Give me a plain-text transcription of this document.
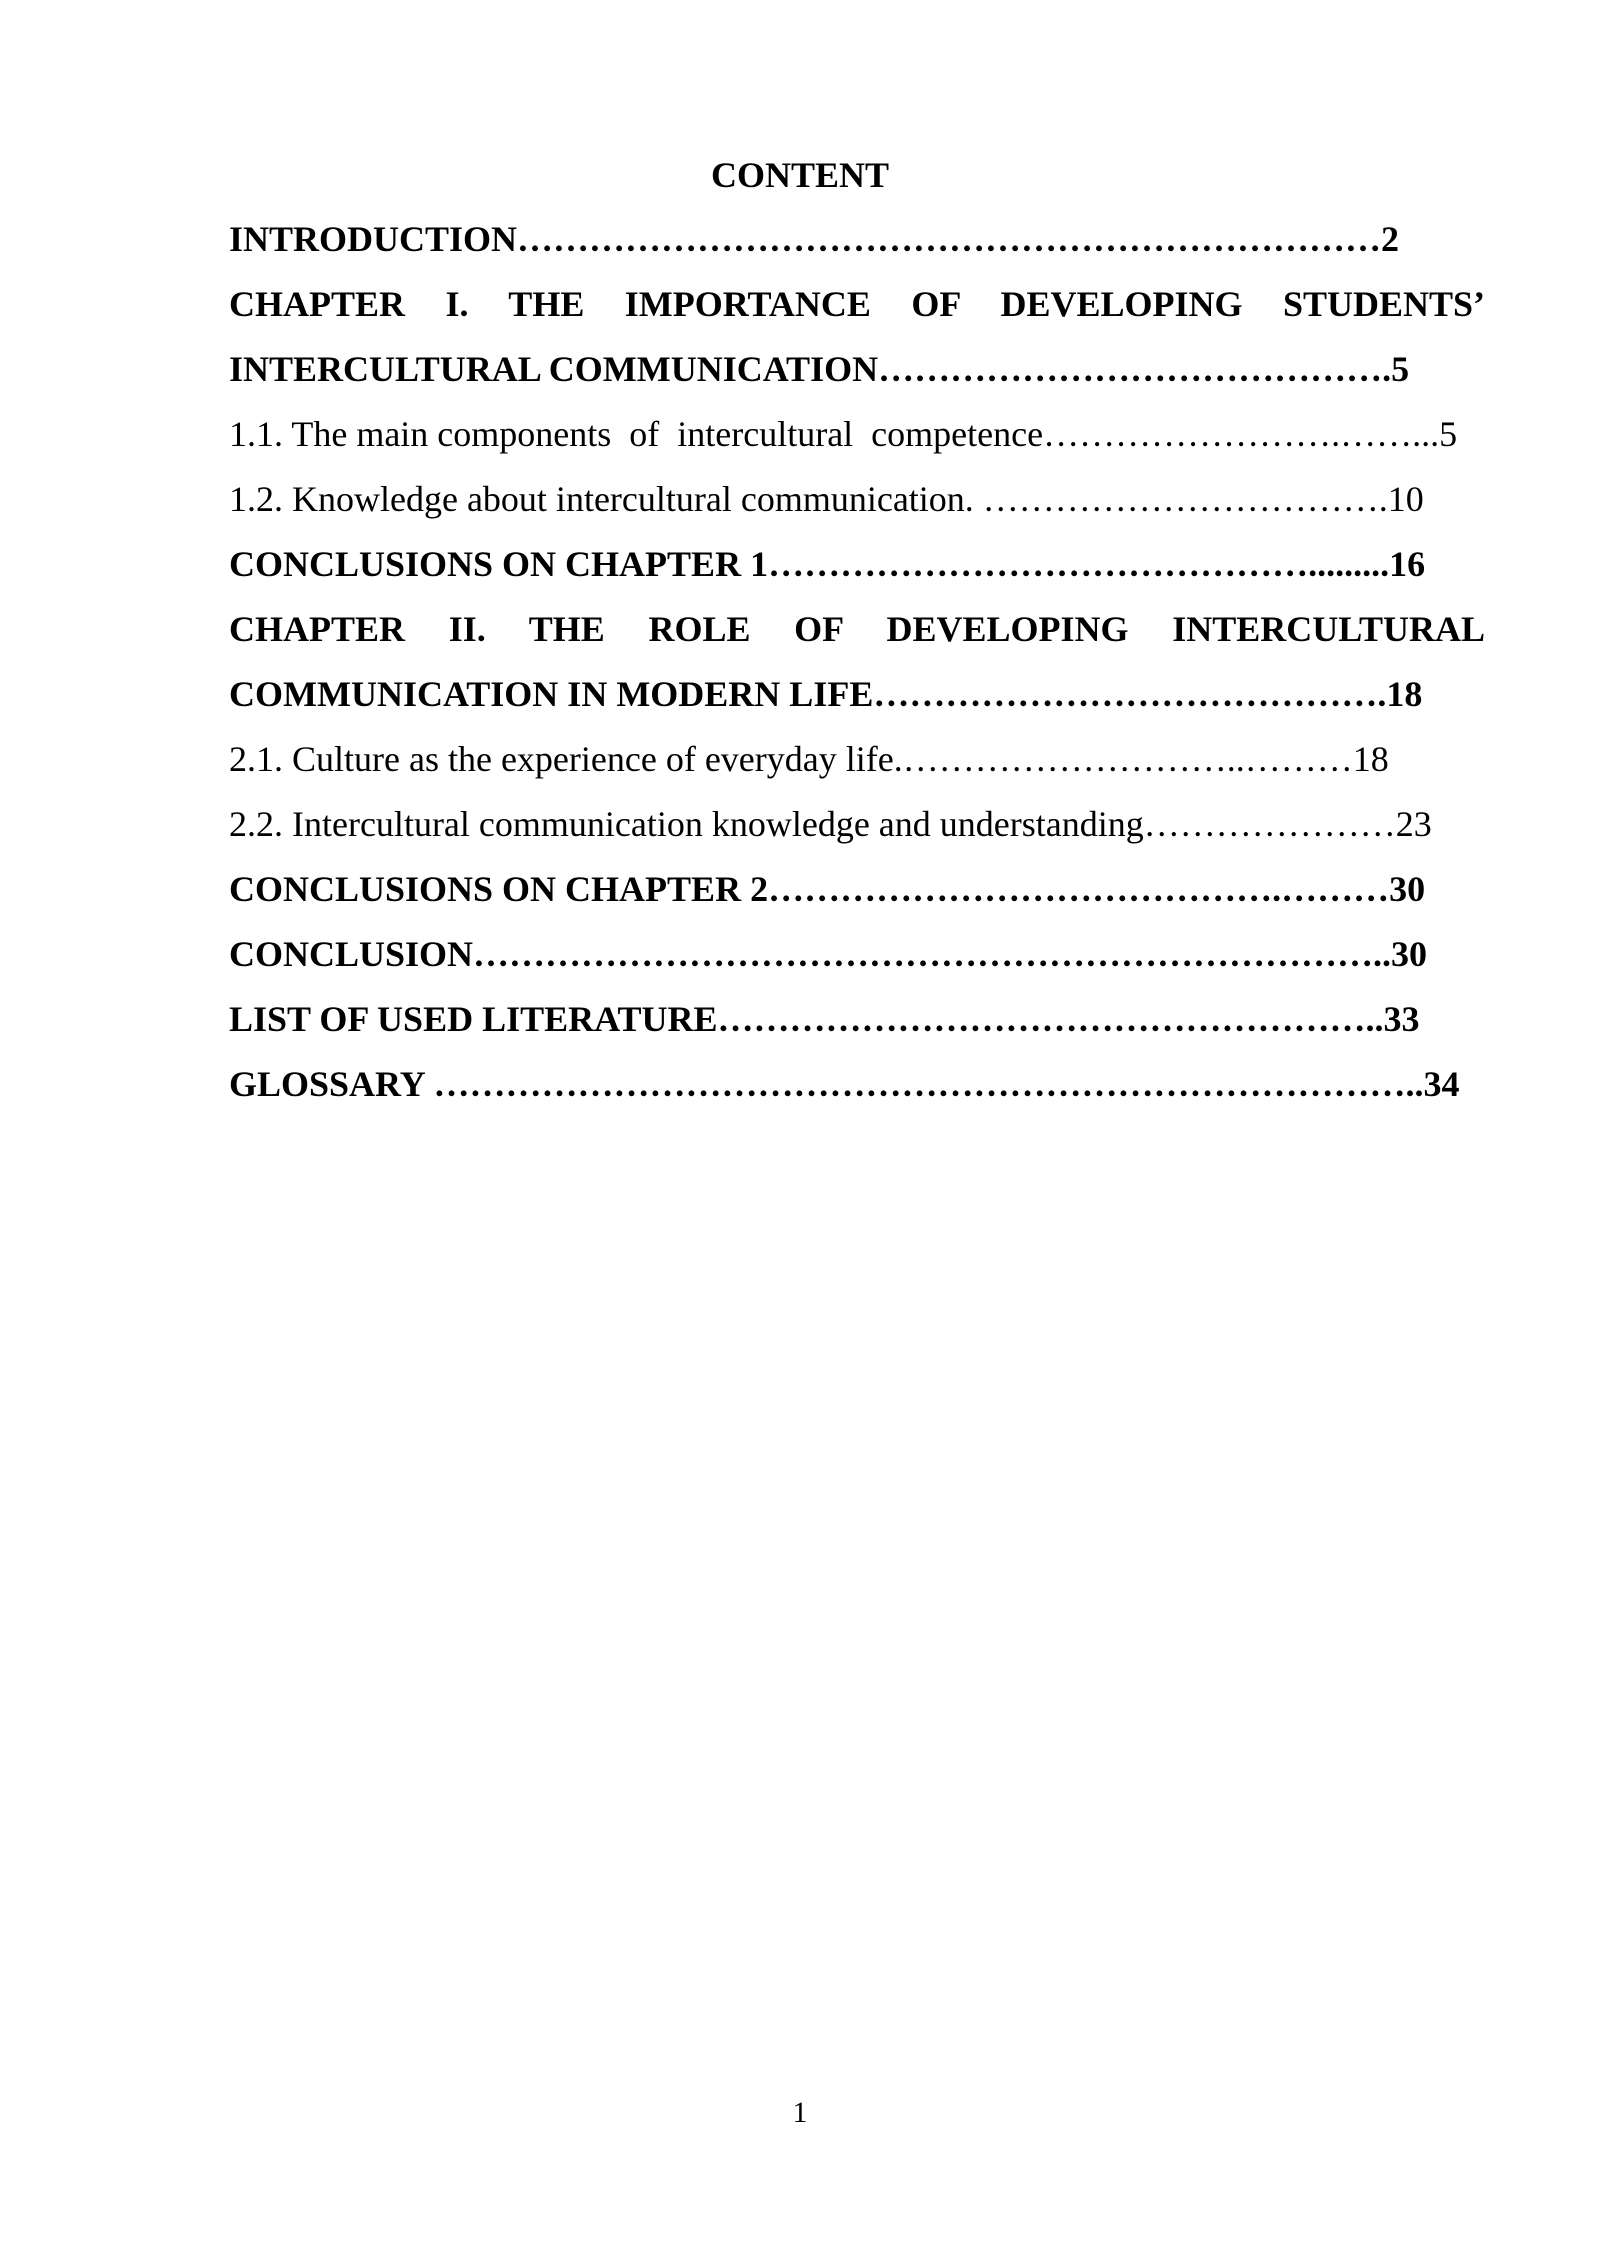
CONTENT
INTRODUCTION………………………………………………………………2
CHAPTER I. THE IMPORTANCE OF DEVELOPING STUDENTS’
INTERCULTURAL COMMUNICATION…………………………………….5
1.1. The main components  of  intercultural  competence…………………….……...5
1.2. Knowledge about intercultural communication. …………………………….10
CONCLUSIONS ON CHAPTER 1……………………………………….........16
CHAPTER II. THE ROLE OF DEVELOPING INTERCULTURAL
COMMUNICATION IN MODERN LIFE…………………………………….18
2.1. Culture as the experience of everyday life.………………………..………18
2.2. Intercultural communication knowledge and understanding…………………23
CONCLUSIONS ON CHAPTER 2…………………………………….………30
CONCLUSION…………………………………………………………………..30
LIST OF USED LITERATURE………………………………………………..33
GLOSSARY ………………………………………………………………………..34
1
